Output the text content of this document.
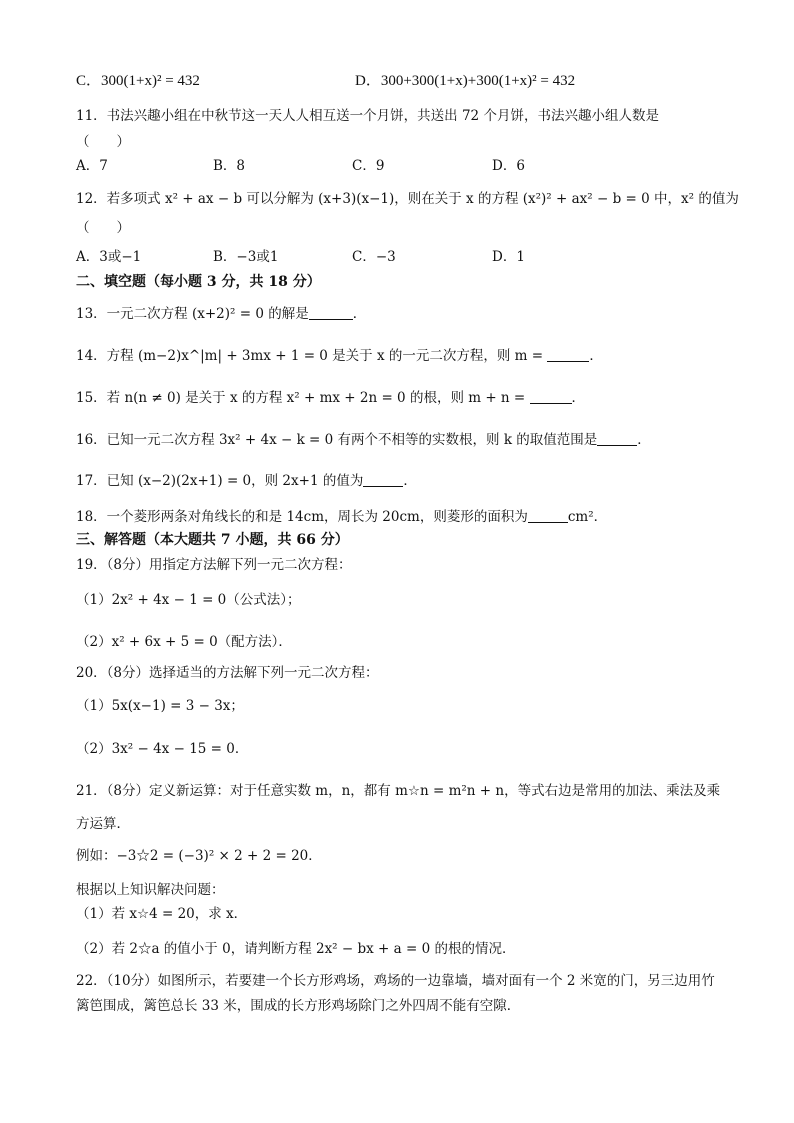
C．300(1+x)² = 432	D．300+300(1+x)+300(1+x)² = 432
11．书法兴趣小组在中秋节这一天人人相互送一个月饼，共送出 72 个月饼，书法兴趣小组人数是
（　　）
A．7	B．8	C．9	D．6
12．若多项式 x² + ax − b 可以分解为 (x+3)(x−1)，则在关于 x 的方程 (x²)² + ax² − b = 0 中，x² 的值为
（　　）
A．3或−1	B．−3或1	C．−3	D．1
二、填空题（每小题 3 分，共 18 分）
13．一元二次方程 (x+2)² = 0 的解是	．
14．方程 (m−2)x^|m| + 3mx + 1 = 0 是关于 x 的一元二次方程，则 m =	．
15．若 n(n ≠ 0) 是关于 x 的方程 x² + mx + 2n = 0 的根，则 m + n =	．
16．已知一元二次方程 3x² + 4x − k = 0 有两个不相等的实数根，则 k 的取值范围是	．
17．已知 (x−2)(2x+1) = 0，则 2x+1 的值为	．
18．一个菱形两条对角线长的和是 14cm，周长为 20cm，则菱形的面积为	cm²．
三、解答题（本大题共 7 小题，共 66 分）
19．（8分）用指定方法解下列一元二次方程：
（1）2x² + 4x − 1 = 0（公式法）；
（2）x² + 6x + 5 = 0（配方法）．
20．（8分）选择适当的方法解下列一元二次方程：
（1）5x(x−1) = 3 − 3x；
（2）3x² − 4x − 15 = 0．
21．（8分）定义新运算：对于任意实数 m，n，都有 m☆n = m²n + n，等式右边是常用的加法、乘法及乘
方运算．
例如：−3☆2 = (−3)² × 2 + 2 = 20．
根据以上知识解决问题：
（1）若 x☆4 = 20，求 x．
（2）若 2☆a 的值小于 0，请判断方程 2x² − bx + a = 0 的根的情况．
22．（10分）如图所示，若要建一个长方形鸡场，鸡场的一边靠墙，墙对面有一个 2 米宽的门，另三边用竹
篱笆围成，篱笆总长 33 米，围成的长方形鸡场除门之外四周不能有空隙．
